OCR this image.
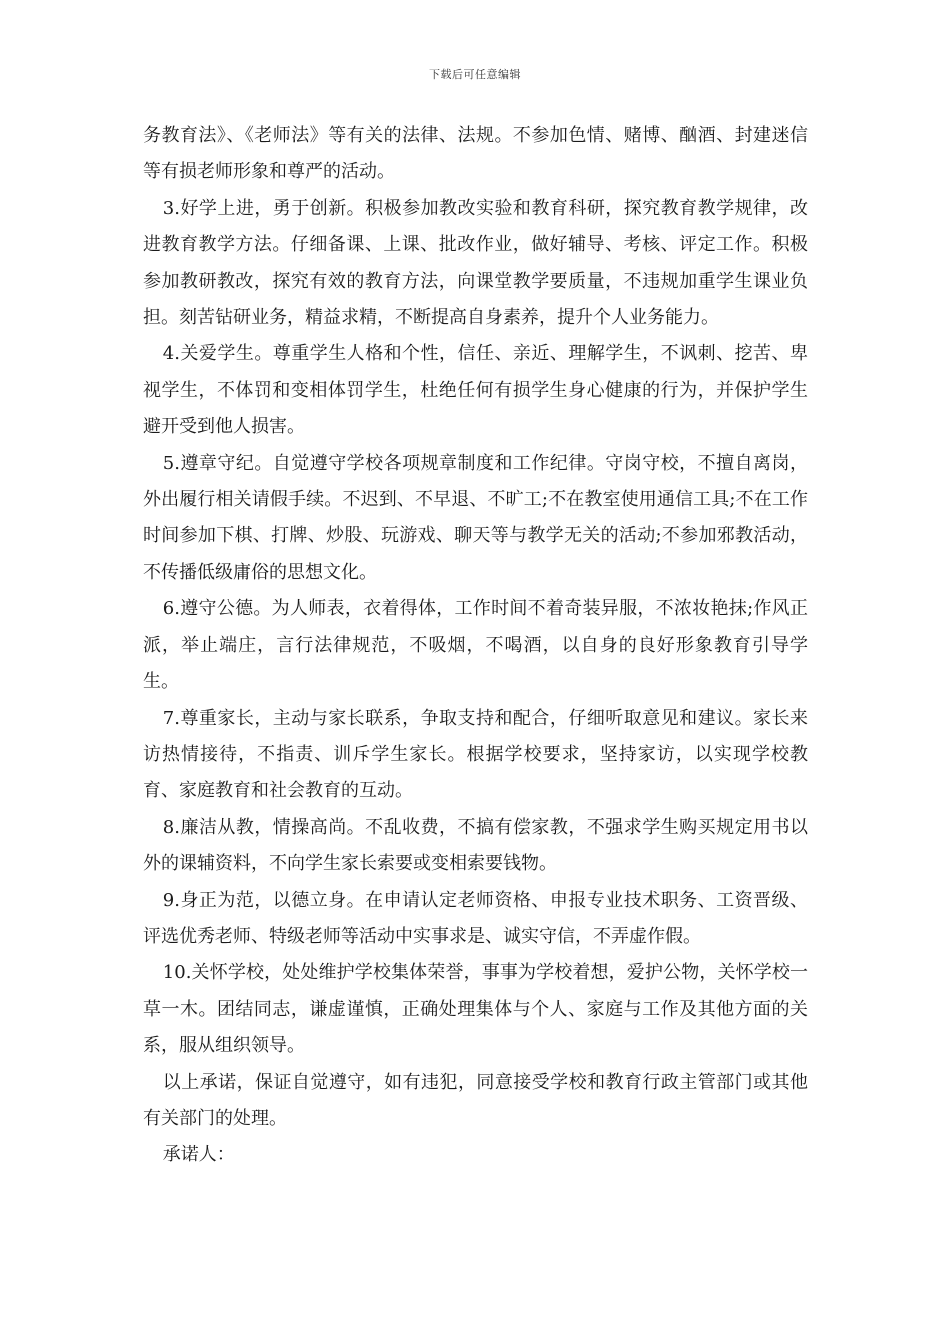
下载后可任意编辑

务教育法》、《老师法》等有关的法律、法规。不参加色情、赌博、酗酒、封建迷信等有损老师形象和尊严的活动。

3.好学上进，勇于创新。积极参加教改实验和教育科研，探究教育教学规律，改进教育教学方法。仔细备课、上课、批改作业，做好辅导、考核、评定工作。积极参加教研教改，探究有效的教育方法，向课堂教学要质量，不违规加重学生课业负担。刻苦钻研业务，精益求精，不断提高自身素养，提升个人业务能力。

4.关爱学生。尊重学生人格和个性，信任、亲近、理解学生，不讽刺、挖苦、卑视学生，不体罚和变相体罚学生，杜绝任何有损学生身心健康的行为，并保护学生避开受到他人损害。

5.遵章守纪。自觉遵守学校各项规章制度和工作纪律。守岗守校，不擅自离岗，外出履行相关请假手续。不迟到、不早退、不旷工;不在教室使用通信工具;不在工作时间参加下棋、打牌、炒股、玩游戏、聊天等与教学无关的活动;不参加邪教活动，不传播低级庸俗的思想文化。

6.遵守公德。为人师表，衣着得体，工作时间不着奇装异服，不浓妆艳抹;作风正派，举止端庄，言行法律规范，不吸烟，不喝酒，以自身的良好形象教育引导学生。

7.尊重家长，主动与家长联系，争取支持和配合，仔细听取意见和建议。家长来访热情接待，不指责、训斥学生家长。根据学校要求，坚持家访，以实现学校教育、家庭教育和社会教育的互动。

8.廉洁从教，情操高尚。不乱收费，不搞有偿家教，不强求学生购买规定用书以外的课辅资料，不向学生家长索要或变相索要钱物。

9.身正为范，以德立身。在申请认定老师资格、申报专业技术职务、工资晋级、评选优秀老师、特级老师等活动中实事求是、诚实守信，不弄虚作假。

10.关怀学校，处处维护学校集体荣誉，事事为学校着想，爱护公物，关怀学校一草一木。团结同志，谦虚谨慎，正确处理集体与个人、家庭与工作及其他方面的关系，服从组织领导。

以上承诺，保证自觉遵守，如有违犯，同意接受学校和教育行政主管部门或其他有关部门的处理。

承诺人：
